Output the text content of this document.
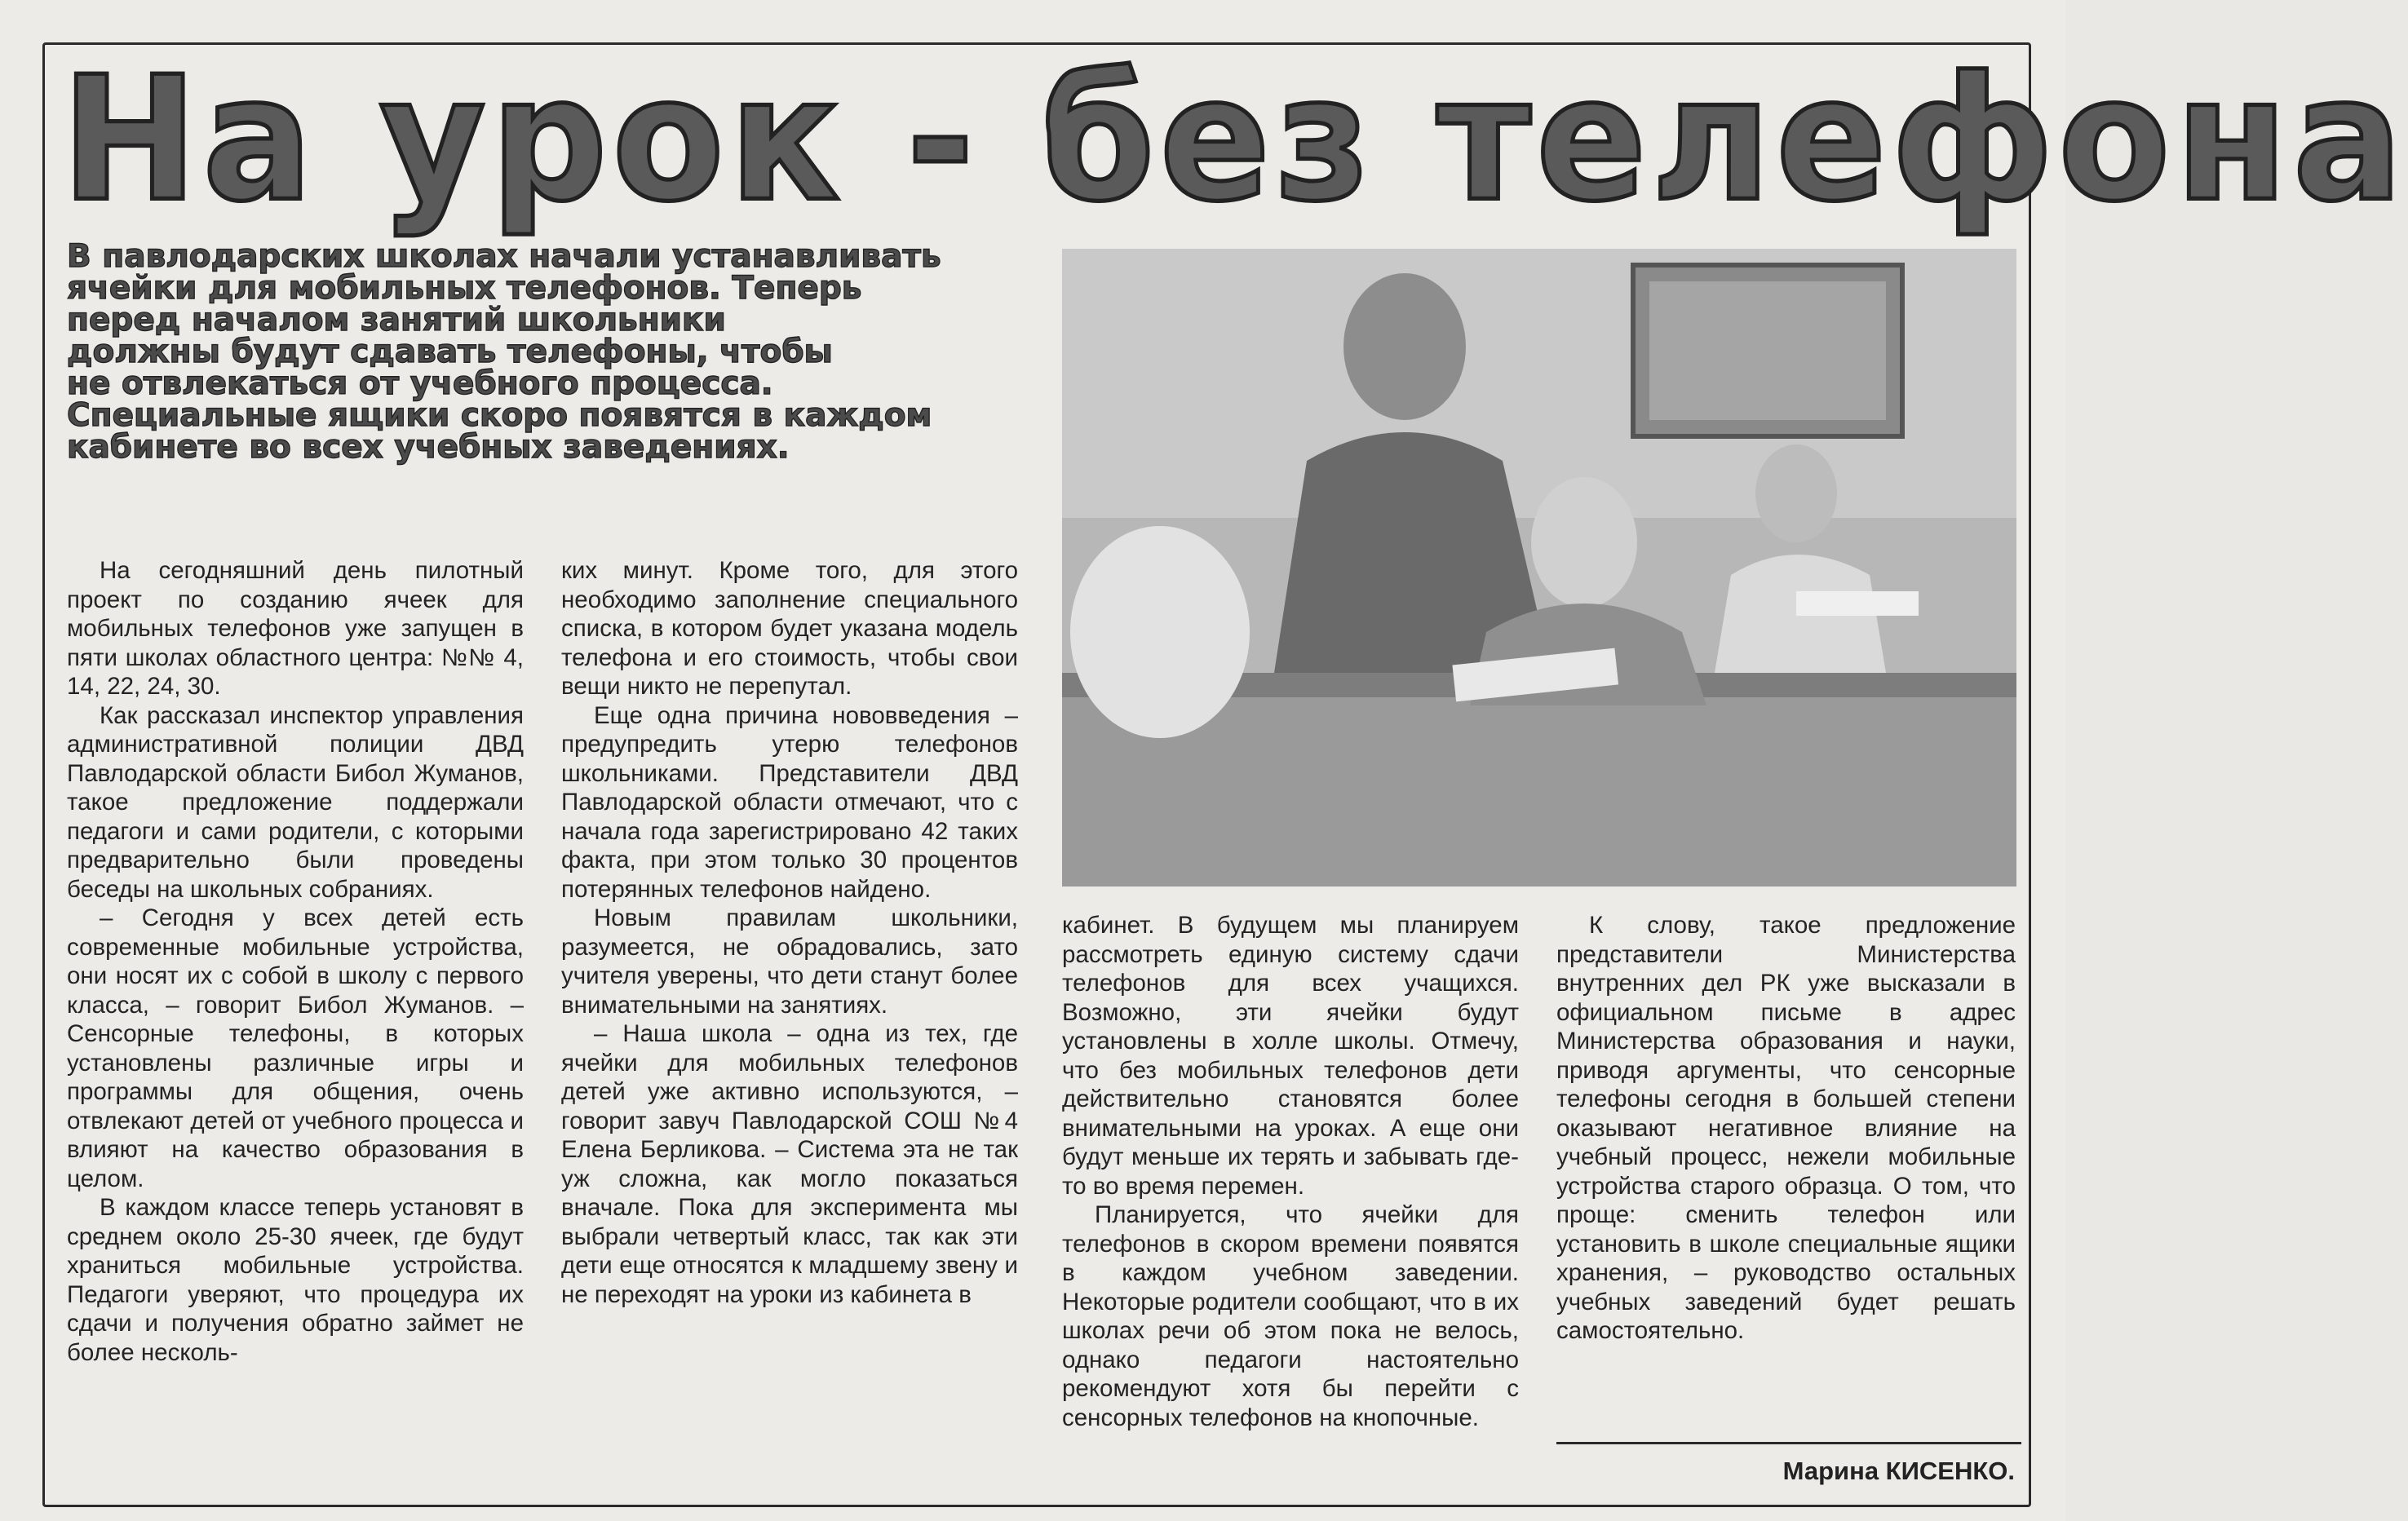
На урок - без телефона
В павлодарских школах начали устанавливать
ячейки для мобильных телефонов. Теперь
перед началом занятий школьники
должны будут сдавать телефоны, чтобы
не отвлекаться от учебного процесса.
Специальные ящики скоро появятся в каждом
кабинете во всех учебных заведениях.

На сегодняшний день пилотный проект по созданию ячеек для мобильных телефонов уже запущен в пяти школах областного центра: №№ 4, 14, 22, 24, 30.

Как рассказал инспектор управления административной полиции ДВД Павлодарской области Бибол Жуманов, такое предложение поддержали педагоги и сами родители, с которыми предварительно были проведены беседы на школьных собраниях.

– Сегодня у всех детей есть современные мобильные устройства, они носят их с собой в школу с первого класса, – говорит Бибол Жуманов. – Сенсорные телефоны, в которых установлены различные игры и программы для общения, очень отвлекают детей от учебного процесса и влияют на качество образования в целом.

В каждом классе теперь установят в среднем около 25-30 ячеек, где будут храниться мобильные устройства. Педагоги уверяют, что процедура их сдачи и получения обратно займет не более несколь-

ких минут. Кроме того, для этого необходимо заполнение специального списка, в котором будет указана модель телефона и его стоимость, чтобы свои вещи никто не перепутал.

Еще одна причина нововведения – предупредить утерю телефонов школьниками. Представители ДВД Павлодарской области отмечают, что с начала года зарегистрировано 42 таких факта, при этом только 30 процентов потерянных телефонов найдено.

Новым правилам школьники, разумеется, не обрадовались, зато учителя уверены, что дети станут более внимательными на занятиях.

– Наша школа – одна из тех, где ячейки для мобильных телефонов детей уже активно используются, – говорит завуч Павлодарской СОШ №4 Елена Берликова. – Система эта не так уж сложна, как могло показаться вначале. Пока для эксперимента мы выбрали четвертый класс, так как эти дети еще относятся к младшему звену и не переходят на уроки из кабинета в

кабинет. В будущем мы планируем рассмотреть единую систему сдачи телефонов для всех учащихся. Возможно, эти ячейки будут установлены в холле школы. Отмечу, что без мобильных телефонов дети действительно становятся более внимательными на уроках. А еще они будут меньше их терять и забывать где-то во время перемен.

Планируется, что ячейки для телефонов в скором времени появятся в каждом учебном заведении. Некоторые родители сообщают, что в их школах речи об этом пока не велось, однако педагоги настоятельно рекомендуют хотя бы перейти с сенсорных телефонов на кнопочные.

К слову, такое предложение представители Министерства внутренних дел РК уже высказали в официальном письме в адрес Министерства образования и науки, приводя аргументы, что сенсорные телефоны сегодня в большей степени оказывают негативное влияние на учебный процесс, нежели мобильные устройства старого образца. О том, что проще: сменить телефон или установить в школе специальные ящики хранения, – руководство остальных учебных заведений будет решать самостоятельно.

Марина КИСЕНКО.
